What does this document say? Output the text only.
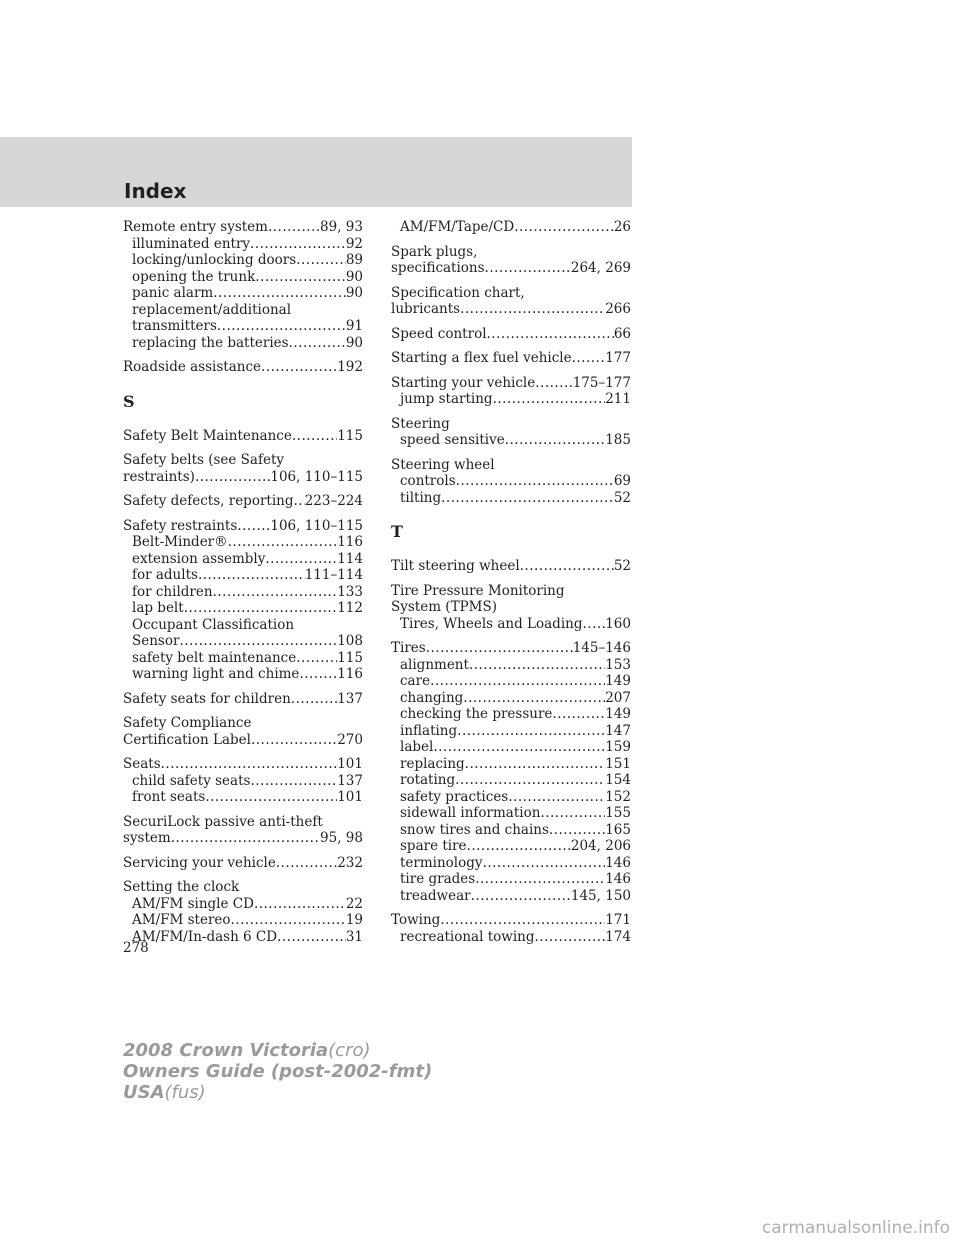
Index
Remote entry system .....	89, 93
illuminated entry .....	92
locking/unlocking doors .....	89
opening the trunk .....	90
panic alarm .....	90
replacement/additional
transmitters .....	91
replacing the batteries .....	90
Roadside assistance .....	192
S
Safety Belt Maintenance .....	115
Safety belts (see Safety
restraints) .....	106, 110–115
Safety defects, reporting ..... 223–224
Safety restraints ..... 106, 110–115
Belt-Minder® .....	116
extension assembly .....	114
for adults .....	111–114
for children .....	133
lap belt .....	112
Occupant Classification
Sensor .....	108
safety belt maintenance .....	115
warning light and chime .....	116
Safety seats for children .....	137
Safety Compliance
Certification Label .....	270
Seats .....	101
child safety seats .....	137
front seats .....	101
SecuriLock passive anti-theft
system .....	95, 98
Servicing your vehicle .....	232
Setting the clock
AM/FM single CD .....	22
AM/FM stereo .....	19
AM/FM/In-dash 6 CD .....	31
AM/FM/Tape/CD .....	26
Spark plugs,
specifications .....	264, 269
Specification chart,
lubricants .....	266
Speed control .....	66
Starting a flex fuel vehicle ..... 177
Starting your vehicle .....	175–177
jump starting .....	211
Steering
speed sensitive .....	185
Steering wheel
controls .....	69
tilting .....	52
T
Tilt steering wheel .....	52
Tire Pressure Monitoring
System (TPMS)
Tires, Wheels and Loading ..... 160
Tires .....	145–146
alignment .....	153
care .....	149
changing .....	207
checking the pressure .....	149
inflating .....	147
label .....	159
replacing .....	151
rotating .....	154
safety practices .....	152
sidewall information .....	155
snow tires and chains .....	165
spare tire .....	204, 206
terminology .....	146
tire grades .....	146
treadwear .....	145, 150
Towing .....	171
recreational towing .....	174
278
2008 Crown Victoria(cro)
Owners Guide (post-2002-fmt)
USA(fus)
carmanualsonline.info
